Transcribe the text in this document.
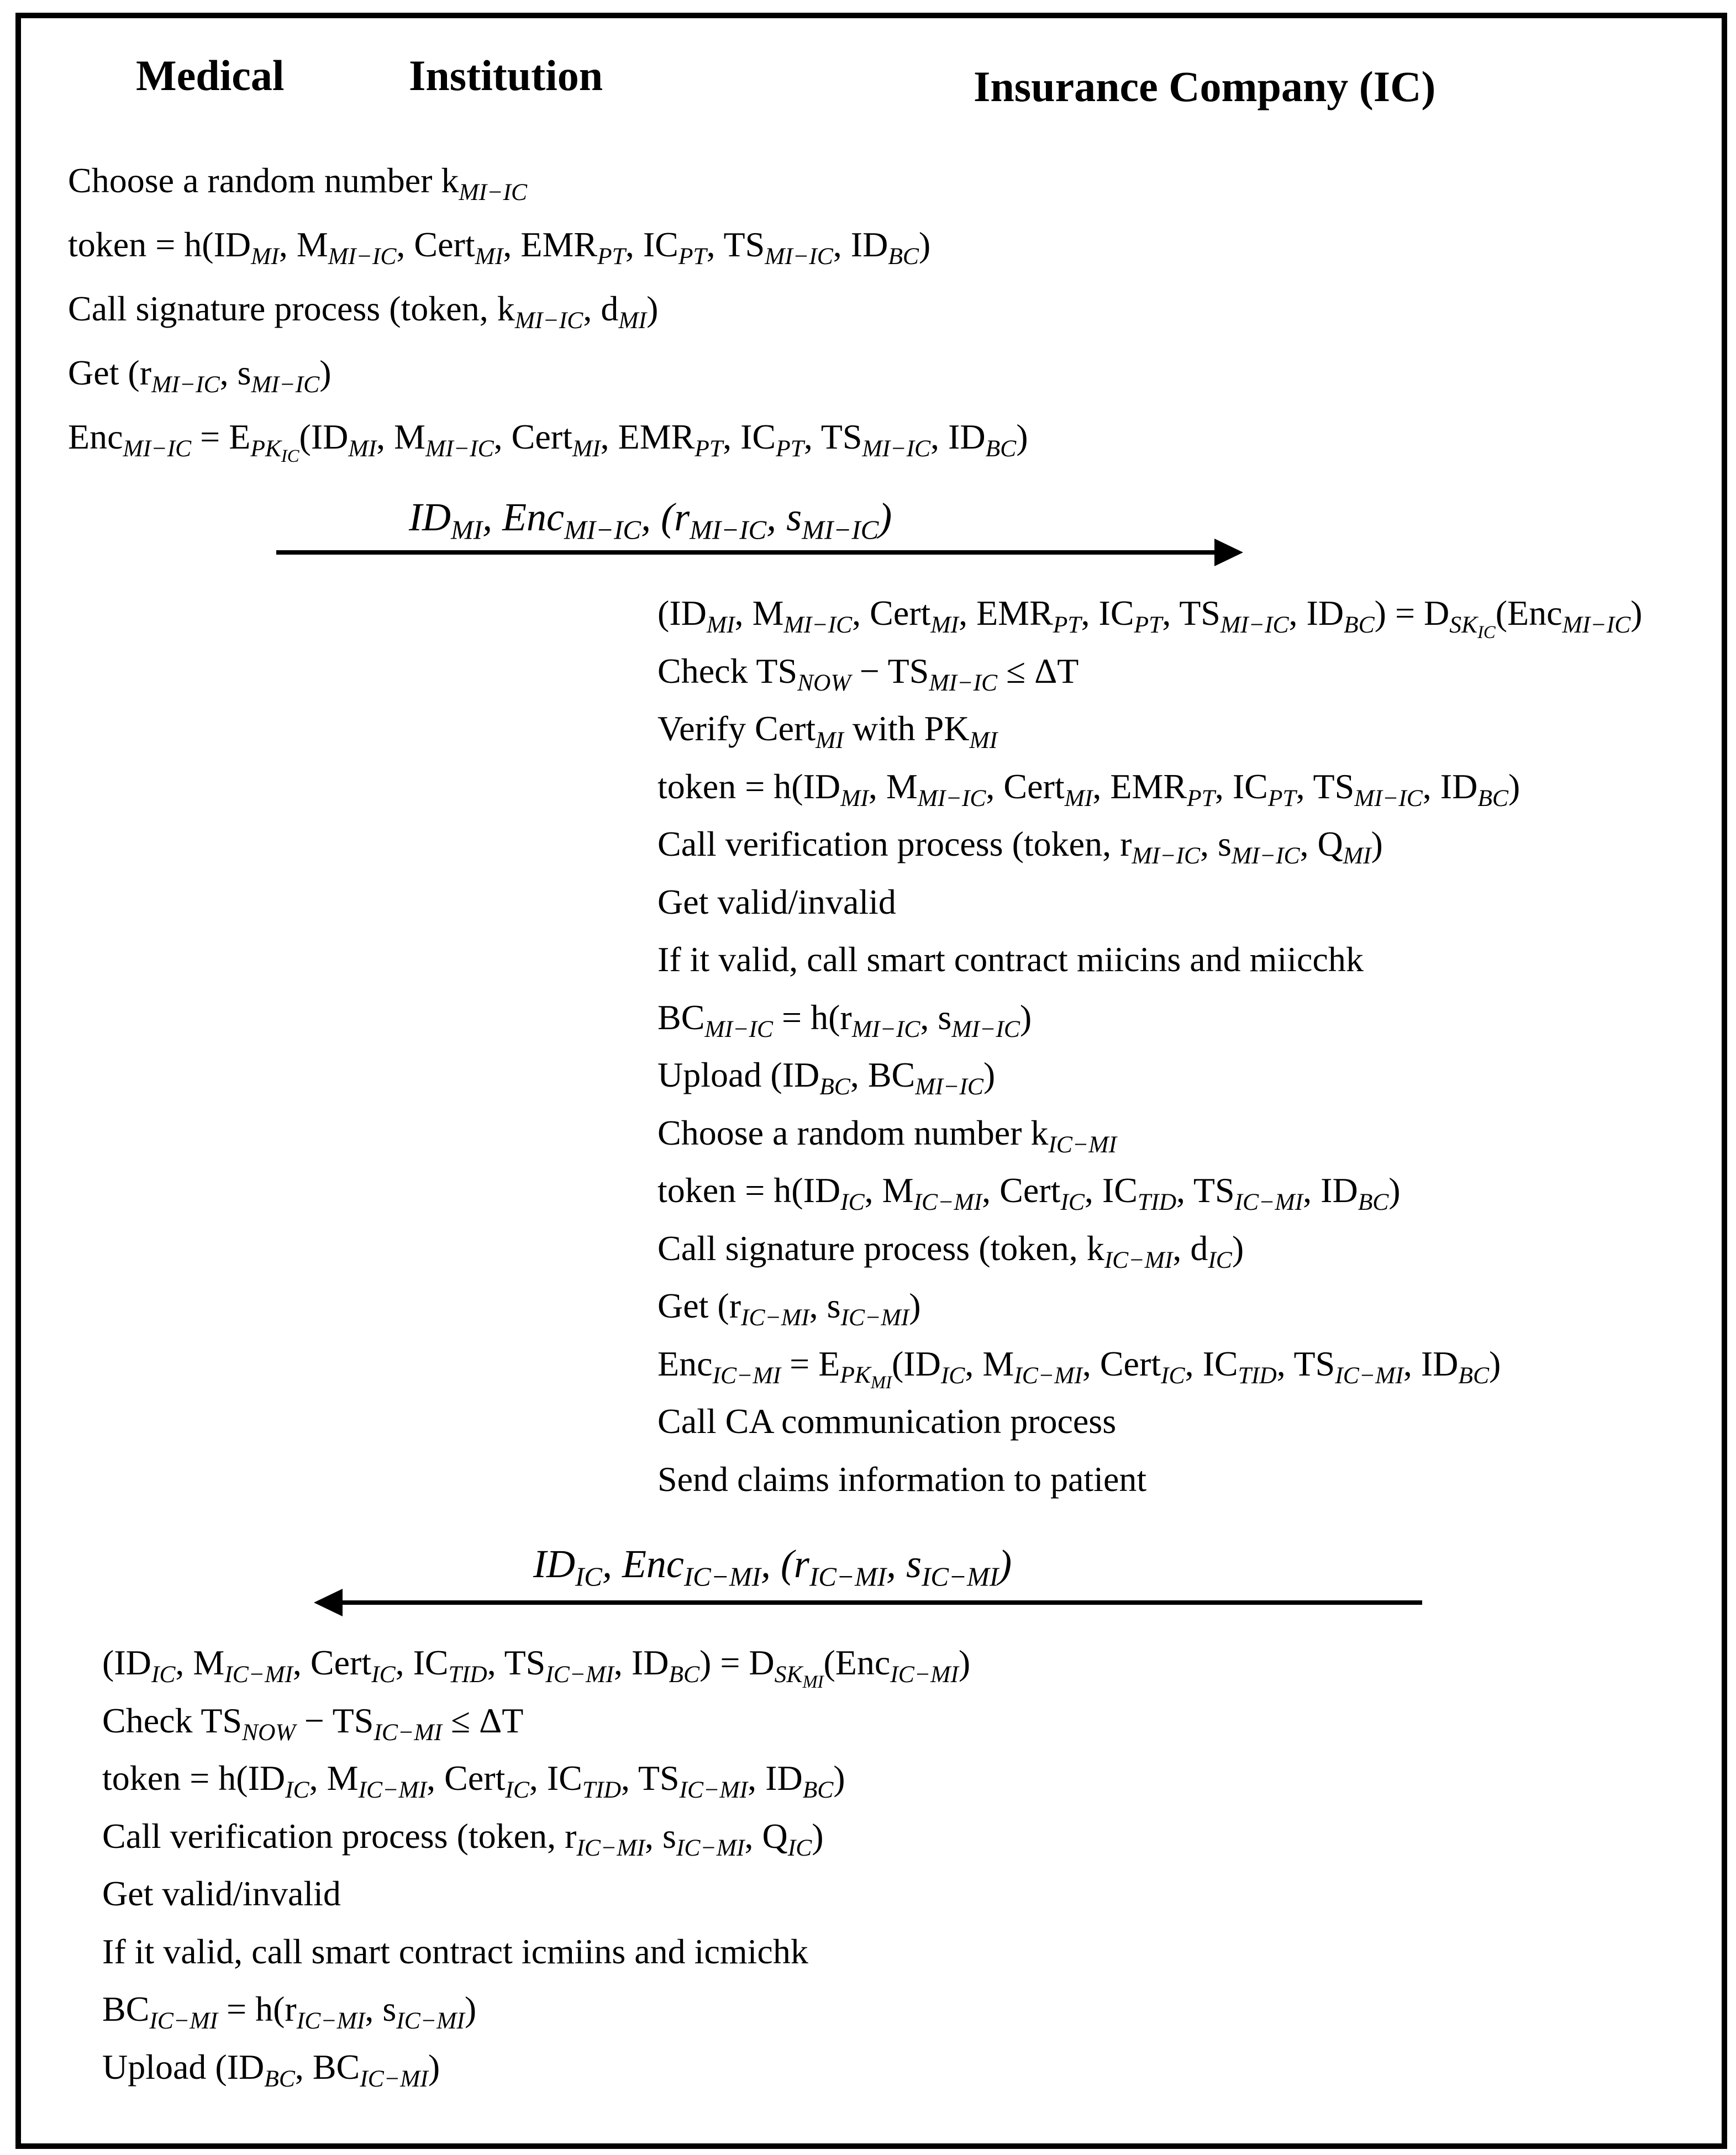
Medical	Institution	Insurance Company (IC)
Choose a random number $k_{MI-IC}$
token = $h(ID_{MI}$, $M_{MI-IC}$, Cert$_{MI}$, $EMR_{PT}$, $IC_{PT}$, $TS_{MI-IC}$, $ID_{BC}$)
Call signature process (token, $k_{MI-IC}$, $d_{MI}$)
Get ($r_{MI-IC}$, $s_{MI-IC}$)
$Enc_{MI-IC} = E_{PK_{IC}}(ID_{MI}$, $M_{MI-IC}$, Cert$_{MI}$, $EMR_{PT}$, $IC_{PT}$, $TS_{MI-IC}$, $ID_{BC}$)
$ID_{MI}$, Enc$_{MI-IC}$, ($r_{MI-IC}$, $s_{MI-IC}$)
($ID_{MI}$, $M_{MI-IC}$, Cert$_{MI}$, $EMR_{PT}$, $IC_{PT}$, $TS_{MI-IC}$, $ID_{BC}) = D_{SK_{IC}}(Enc_{MI-IC})$
Check $TS_{NOW} - TS_{MI-IC} \le \Delta T$
Verify Cert$_{MI}$ with $PK_{MI}$
token = $h(ID_{MI}$, $M_{MI-IC}$, Cert$_{MI}$, $EMR_{PT}$, $IC_{PT}$, $TS_{MI-IC}$, $ID_{BC}$)
Call verification process (token, $r_{MI-IC}$, $s_{MI-IC}$, $Q_{MI}$)
Get valid/invalid
If it valid, call smart contract miicins and miicchk
$BC_{MI-IC} = h(r_{MI-IC}$, $s_{MI-IC}$)
Upload ($ID_{BC}$, $BC_{MI-IC}$)
Choose a random number $k_{IC-MI}$
token = $h(ID_{IC}$, $M_{IC-MI}$, Cert$_{IC}$, $IC_{TID}$, $TS_{IC-MI}$, $ID_{BC}$)
Call signature process (token, $k_{IC-MI}$, $d_{IC}$)
Get ($r_{IC-MI}$, $s_{IC-MI}$)
$Enc_{IC-MI} = E_{PK_{MI}}(ID_{IC}$, $M_{IC-MI}$, Cert$_{IC}$, $IC_{TID}$, $TS_{IC-MI}$, $ID_{BC}$)
Call CA communication process
Send claims information to patient
$ID_{IC}$, Enc$_{IC-MI}$, ($r_{IC-MI}$, $s_{IC-MI}$)
($ID_{IC}$, $M_{IC-MI}$, Cert$_{IC}$, $IC_{TID}$, $TS_{IC-MI}$, $ID_{BC}) = D_{SK_{MI}}(Enc_{IC-MI})$
Check $TS_{NOW} - TS_{IC-MI} \le \Delta T$
token = $h(ID_{IC}$, $M_{IC-MI}$, Cert$_{IC}$, $IC_{TID}$, $TS_{IC-MI}$, $ID_{BC}$)
Call verification process (token, $r_{IC-MI}$, $s_{IC-MI}$, $Q_{IC}$)
Get valid/invalid
If it valid, call smart contract icmiins and icmichk
$BC_{IC-MI} = h(r_{IC-MI}$, $s_{IC-MI}$)
Upload ($ID_{BC}$, $BC_{IC-MI}$)
